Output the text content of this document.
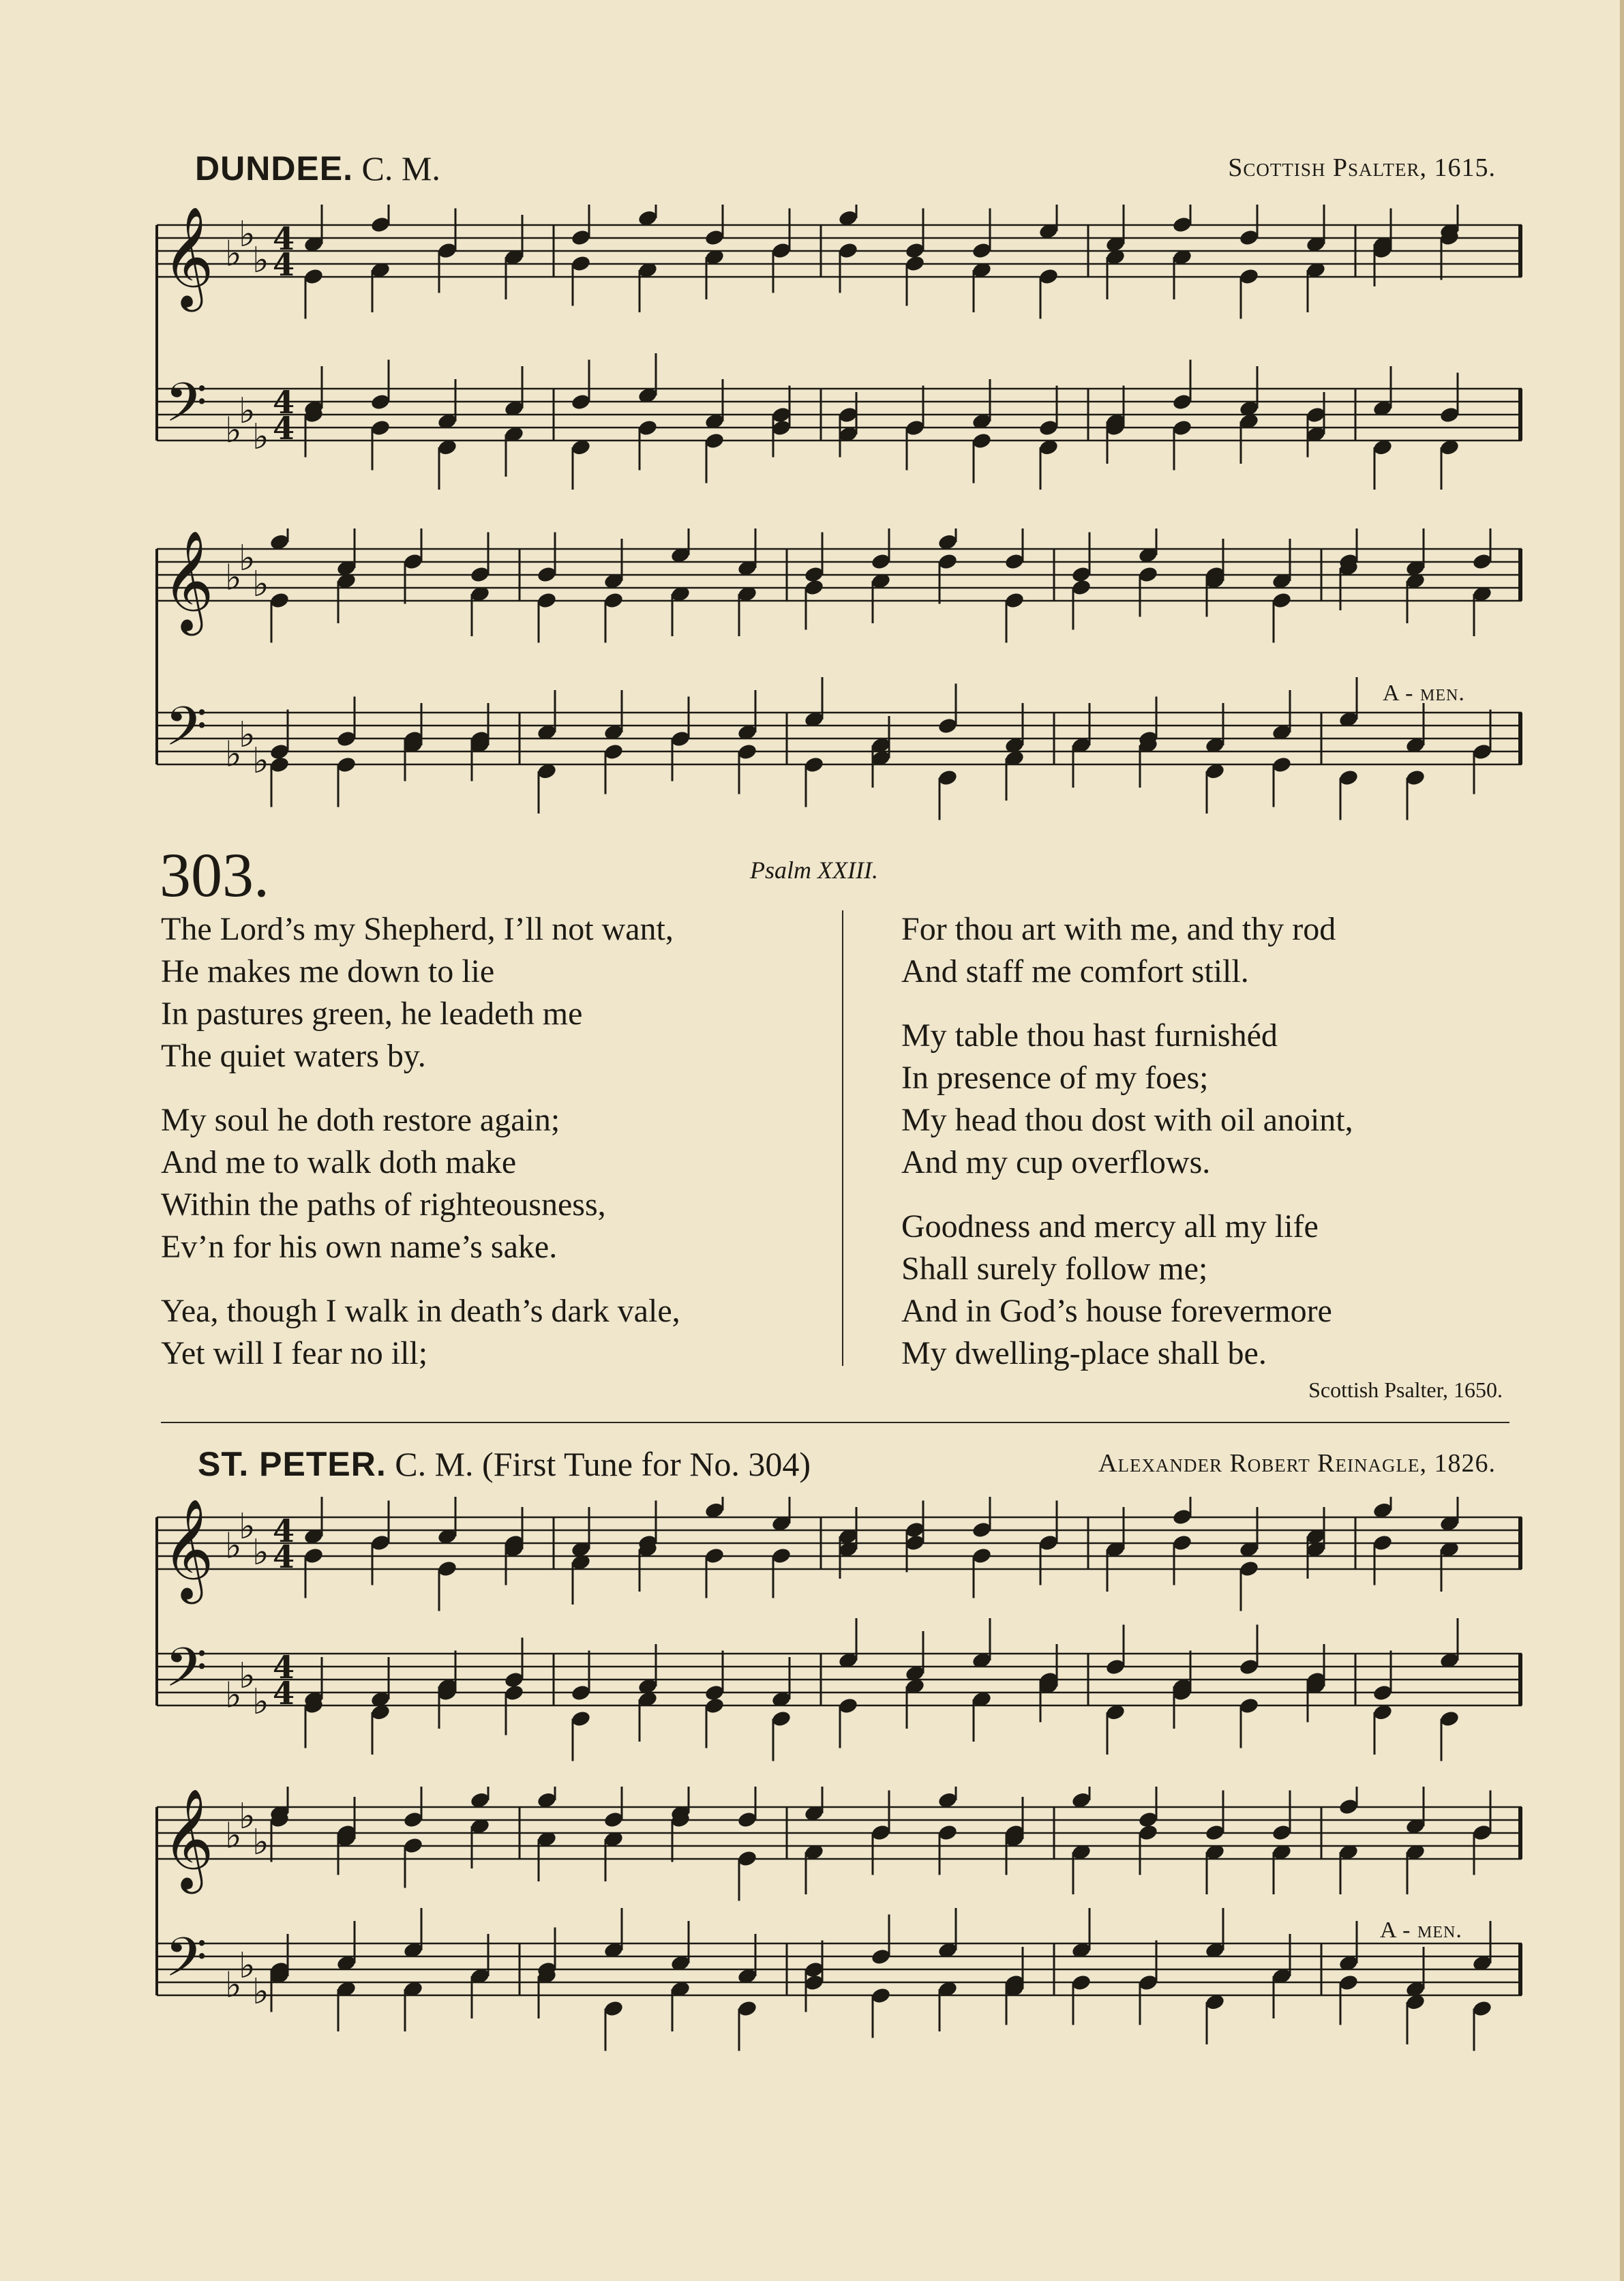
DUNDEE. C. M.	Scottish Psalter, 1615.
𝄞
𝄢
♭
♭
♭
♭
♭
♭
4
4
4
4
𝄞
𝄢
♭
♭
♭
♭
♭
♭
A - men.
303.	Psalm XXIII.
The Lord’s my Shepherd, I’ll not want,
He makes me down to lie
In pastures green, he leadeth me
The quiet waters by.
My soul he doth restore again;
And me to walk doth make
Within the paths of righteousness,
Ev’n for his own name’s sake.
Yea, though I walk in death’s dark vale,
Yet will I fear no ill;
For thou art with me, and thy rod
And staff me comfort still.
My table thou hast furnishéd
In presence of my foes;
My head thou dost with oil anoint,
And my cup overflows.
Goodness and mercy all my life
Shall surely follow me;
And in God’s house forevermore
My dwelling-place shall be.
Scottish Psalter, 1650.
ST. PETER. C. M. (First Tune for No. 304)	Alexander Robert Reinagle, 1826.
𝄞
𝄢
♭
♭
♭
♭
♭
♭
4
4
4
4
𝄞
𝄢
♭
♭
♭
♭
♭
♭
A - men.
